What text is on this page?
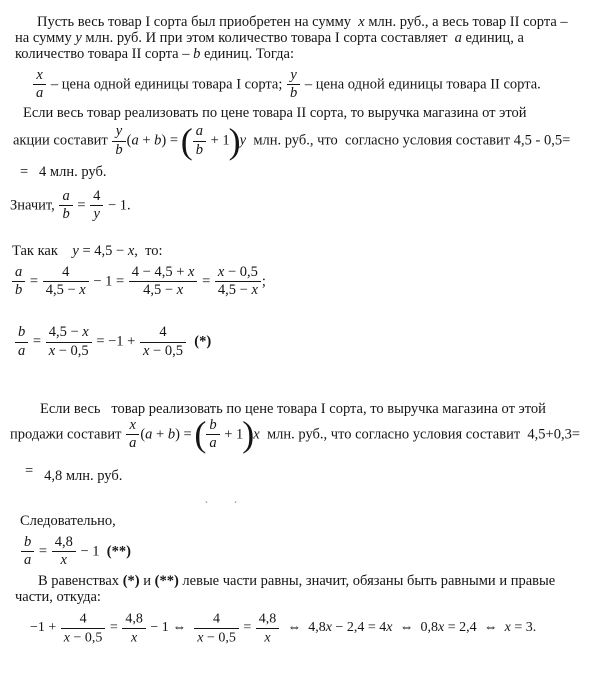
Пусть весь товар I сорта был приобретен на сумму  x млн. руб., а весь товар II сорта –
на сумму y млн. руб. И при этом количество товара I сорта составляет  a единиц, а
количество товара II сорта – b единиц. Тогда:
$\frac{x}{a}$ – цена одной единицы товара I сорта; $\frac{y}{b}$ – цена одной единицы товара II сорта.
Если весь товар реализовать по цене товара II сорта, то выручка магазина от этой
акции составит $\frac{y}{b} (a + b)$ = ( $\frac{a}{b} + 1)y$  млн. руб., что  согласно условия составит 4,5 - 0,5=
=   4 млн. руб.
Значит, $\frac{a}{b} = \frac{4}{y} - 1$.
Так как    y = 4,5 − x,  то:
$\frac{a}{b} = \frac{4}{4,5 - x} - 1 = \frac{4 - 4,5 + x}{4,5 - x} = \frac{x - 0,5}{4,5 - x}$ ;
$\frac{b}{a} = \frac{4,5 - x}{x - 0,5} = -1 + \frac{4}{x - 0,5}$ (*)
Если весь   товар реализовать по цене товара I сорта, то выручка магазина от этой
продажи составит $\frac{x}{a} (a + b)$ = ( $\frac{b}{a} + 1)x$  млн. руб., что согласно условия составит  4,5+0,3=
= 4,8 млн. руб.
`	´
Следовательно,
$\frac{b}{a} = \frac{4,8}{x} - 1$  (**)
В равенствах (*) и (**) левые части равны, значит, обязаны быть равными и правые
части, откуда:
$-1 + \frac{4}{x - 0,5} = \frac{4,8}{x} - 1$ ⇔ $\frac{4}{x - 0,5} = \frac{4,8}{x}$ ⇔  4,8x − 2,4 = 4x  ⇔  0,8x = 2,4  ⇔  x = 3.
